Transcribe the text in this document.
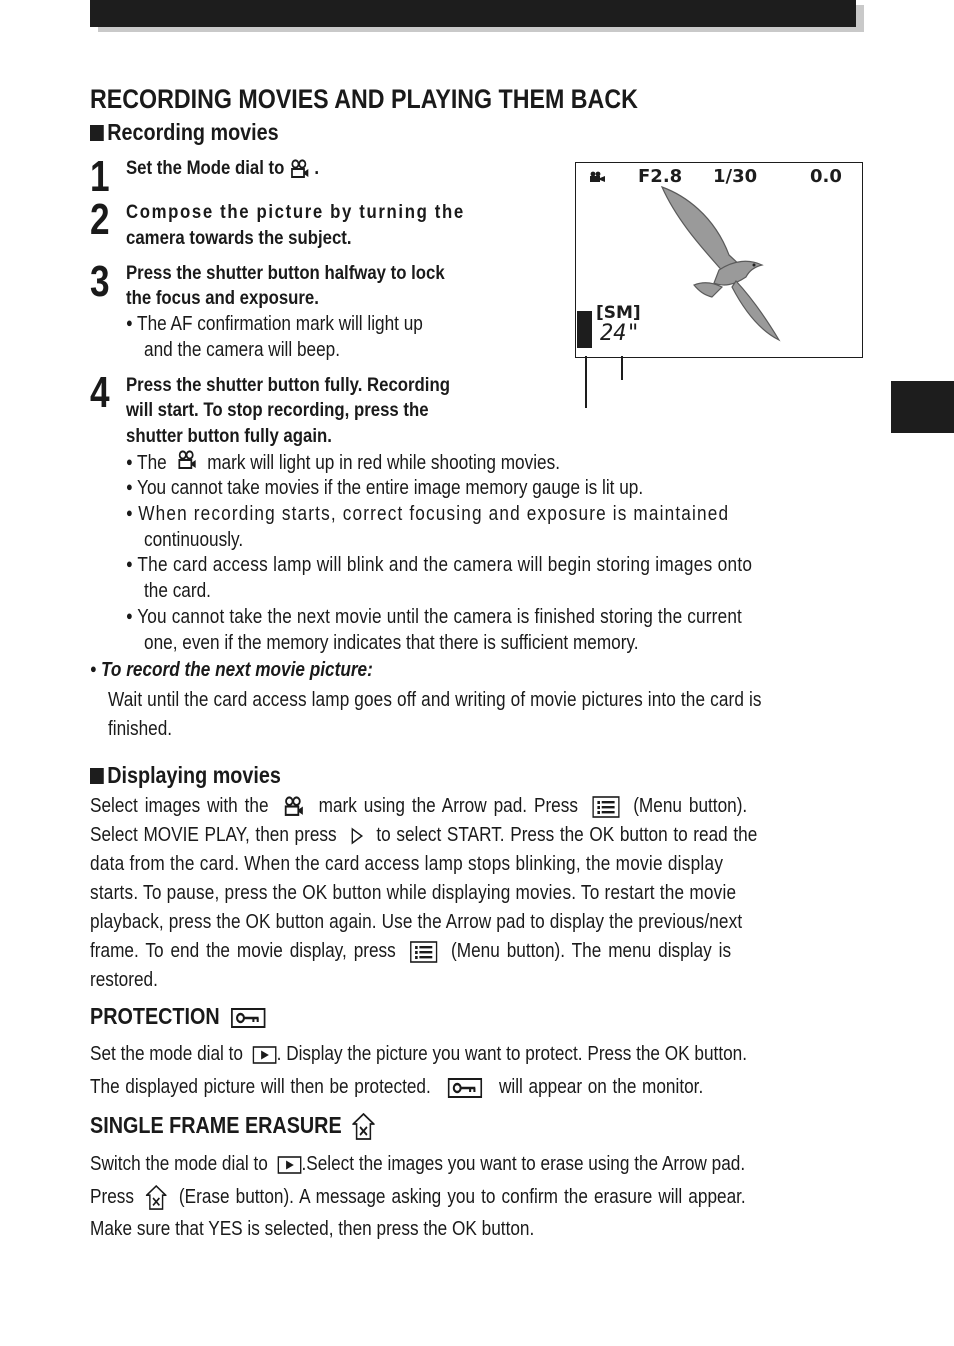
RECORDING MOVIES AND PLAYING THEM BACK
Recording movies
1 Set the Mode dial to .
2 Compose the picture by turning the
camera towards the subject.
3 Press the shutter button halfway to lock
the focus and exposure.
● The AF confirmation mark will light up
and the camera will beep.
4 Press the shutter button fully. Recording
will start. To stop recording, press the
shutter button fully again.
F2.8 1/30	0.0
[SM]
24"
● The mark will light up in red while shooting movies.
● You cannot take movies if the entire image memory gauge is lit up.
● When recording starts, correct focusing and exposure is maintained
continuously.
● The card access lamp will blink and the camera will begin storing images onto
the card.
● You cannot take the next movie until the camera is finished storing the current
one, even if the memory indicates that there is sufficient memory.
● To record the next movie picture:
Wait until the card access lamp goes off and writing of movie pictures into the card is
finished.
Displaying movies
Select images with the	mark using the Arrow pad. Press	(Menu button).
Select MOVIE PLAY, then press to select START. Press the OK button to read the
data from the card. When the card access lamp stops blinking, the movie display
starts. To pause, press the OK button while displaying movies. To restart the movie
playback, press the OK button again. Use the Arrow pad to display the previous/next
frame. To end the movie display, press	(Menu button). The menu display is
restored.
PROTECTION
Set the mode dial to . Display the picture you want to protect. Press the OK button.
The displayed picture will then be protected.	will appear on the monitor.
SINGLE FRAME ERASURE
Switch the mode dial to .Select the images you want to erase using the Arrow pad.
Press (Erase button). A message asking you to confirm the erasure will appear.
Make sure that YES is selected, then press the OK button.
